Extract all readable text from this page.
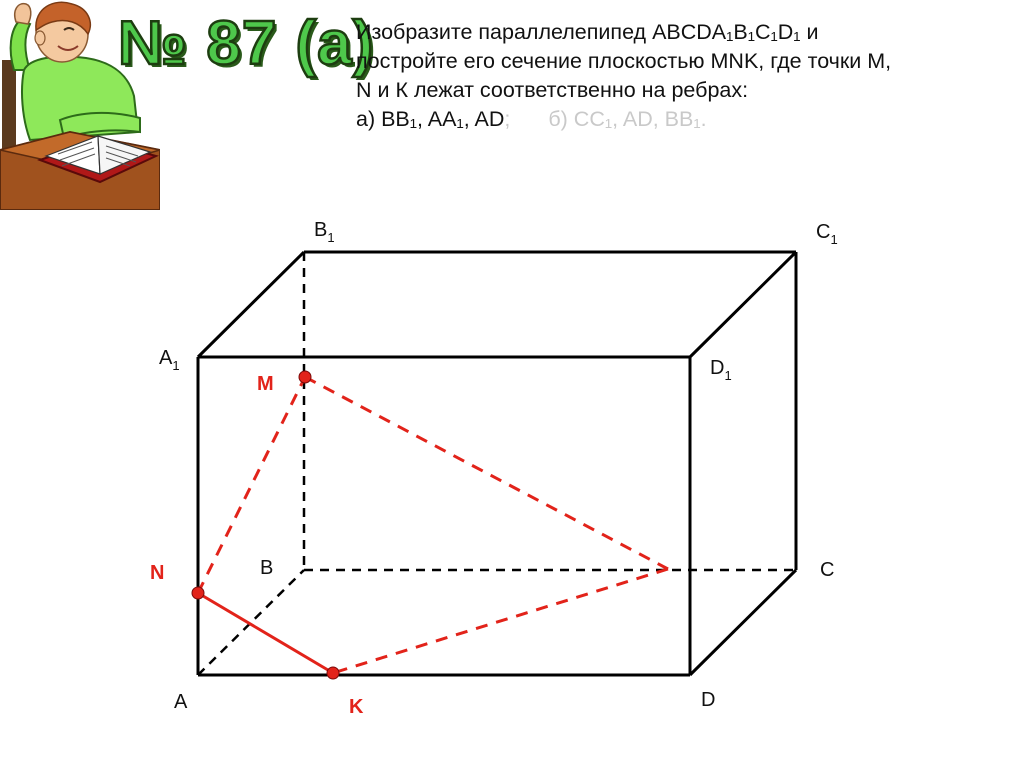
№ 87 (а)
Изобразите параллелепипед ABCDA₁B₁C₁D₁ и
постройте его сечение плоскостью MNK, где точки M,
N и К лежат соответственно на ребрах:
а) BB₁, AA₁, AD; б) CC₁, AD, BB₁.
$B_1$	$C_1$
$A_1$	$D_1$
B	C
A	D
M
N
K
